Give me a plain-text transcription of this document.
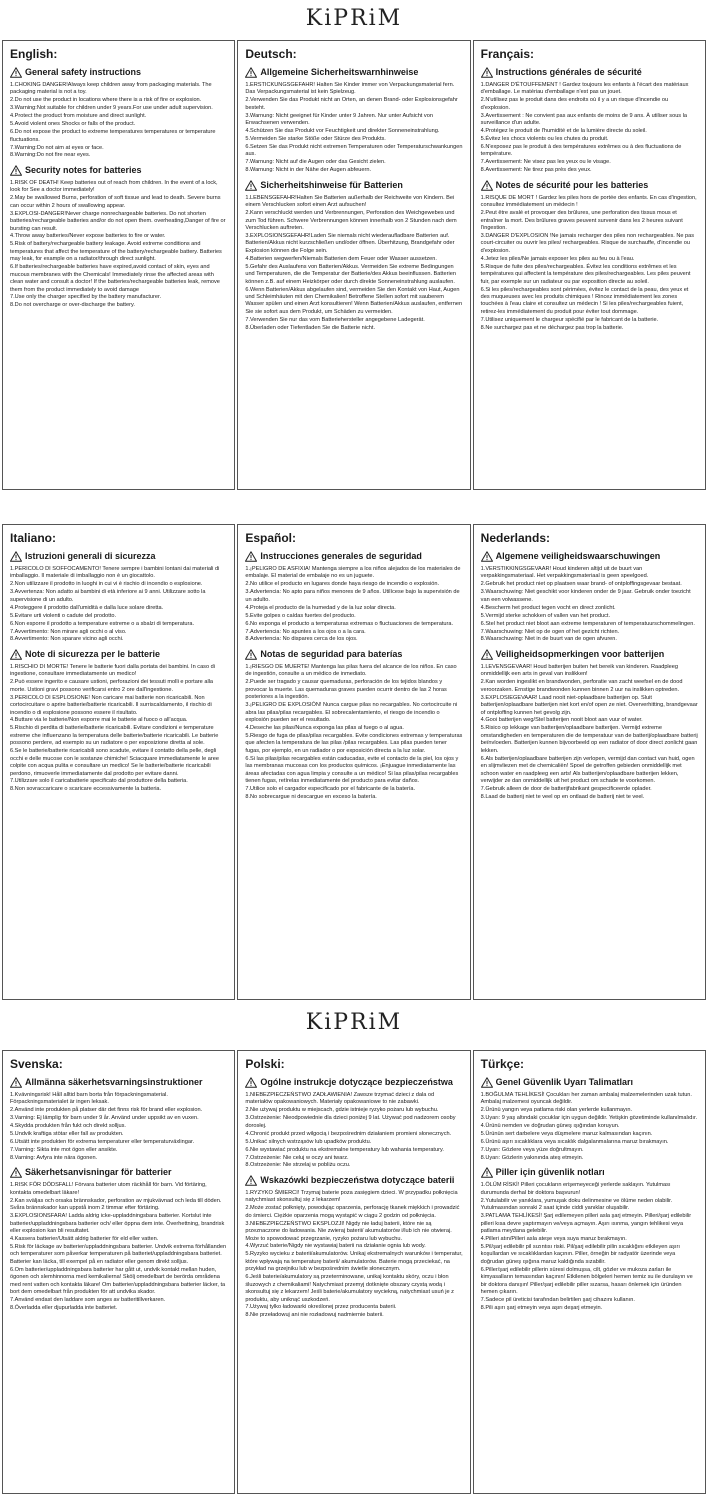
KiPRiM
English:
General safety instructions
1.CHOKING DANGER!Always keep children away from packaging materials. The packaging material is not a toy.
2.Do not use the product in locations where there is a risk of fire or explosion.
3.Warning:Not suitable for children under 9 years.For use under adult supervision.
4.Protect the product from moisture and direct sunlight.
5.Avoid violent ones Shocks or falls of the product.
6.Do not expose the product to extreme temperatures temperatures or temperature fluctuations.
7.Warning:Do not aim at eyes or face.
8.Warning:Do not fire near eyes.
Security notes for batteries
1.RISK OF DEATH! Keep batteries out of reach from children. In the event of a lock, look for See a doctor immediately!
2.May be swallowed Burns, perforation of soft tissue and lead to death. Severe burns can occur within 2 hours of swallowing appear.
3.EXPLOSI-DANGER!Never charge nonrechargeable batteries. Do not shorten batteries/rechargeable batteries and/or do not open them. overheating,Danger of fire or bursting can result.
4.Throw away batteries/Never expose batteries to fire or water.
5.Risk of battery/rechargeable battery leakage. Avoid extreme conditions and temperatures that affect the temperature of the battery/rechargeable battery. Batteries may leak, for example on a radiator/through direct sunlight.
6.If batteries/rechargeable batteries have expired,avoid contact of skin, eyes and mucous membranes with the Chemicals! Immediately rinse the affected areas with clean water and consult a doctor! If the batteries/rechargeable batteries leak, remove them from the product immediately to avoid damage
7.Use only the charger specified by the battery manufacturer.
8.Do not overcharge or over-discharge the battery.
Deutsch:
Allgemeine Sicherheitswarnhinweise
1.ERSTICKUNGSGEFAHR! Halten Sie Kinder immer von Verpackungsmaterial fern. Das Verpackungsmaterial ist kein Spielzeug.
2.Verwenden Sie das Produkt nicht an Orten, an denen Brand- oder Explosionsgefahr besteht.
3.Warnung: Nicht geeignet für Kinder unter 9 Jahren. Nur unter Aufsicht von Erwachsenen verwenden.
4.Schützen Sie das Produkt vor Feuchtigkeit und direkter Sonneneinstrahlung.
5.Vermeiden Sie starke Stöße oder Stürze des Produkts.
6.Setzen Sie das Produkt nicht extremen Temperaturen oder Temperaturschwankungen aus.
7.Warnung: Nicht auf die Augen oder das Gesicht zielen.
8.Warnung: Nicht in der Nähe der Augen abfeuern.
Sicherheitshinweise für Batterien
1.LEBENSGEFAHR!Halten Sie Batterien außerhalb der Reichweite von Kindern. Bei einem Verschlucken sofort einen Arzt aufsuchen!
2.Kann verschluckt werden und Verbrennungen, Perforation des Weichgewebes und zum Tod führen. Schwere Verbrennungen können innerhalb von 2 Stunden nach dem Verschlucken auftreten.
3.EXPLOSIONSGEFAHR!Laden Sie niemals nicht wiederaufladbare Batterien auf. Batterien/Akkus nicht kurzschließen und/oder öffnen. Überhitzung, Brandgefahr oder Explosion können die Folge sein.
4.Batterien wegwerfen/Niemals Batterien dem Feuer oder Wasser aussetzen.
5.Gefahr des Auslaufens von Batterien/Akkus. Vermeiden Sie extreme Bedingungen und Temperaturen, die die Temperatur der Batterie/des Akkus beeinflussen. Batterien können z.B. auf einem Heizkörper oder durch direkte Sonneneinstrahlung auslaufen.
6.Wenn Batterien/Akkus abgelaufen sind, vermeiden Sie den Kontakt von Haut, Augen und Schleimhäuten mit den Chemikalien! Betroffene Stellen sofort mit sauberem Wasser spülen und einen Arzt konsultieren! Wenn Batterien/Akkus auslaufen, entfernen Sie sie sofort aus dem Produkt, um Schäden zu vermeiden.
7.Verwenden Sie nur das vom Batteriehersteller angegebene Ladegerät.
8.Überladen oder Tiefentladen Sie die Batterie nicht.
Français:
Instructions générales de sécurité
1.DANGER D'ÉTOUFFEMENT ! Gardez toujours les enfants à l'écart des matériaux d'emballage. Le matériau d'emballage n'est pas un jouet.
2.N'utilisez pas le produit dans des endroits où il y a un risque d'incendie ou d'explosion.
3.Avertissement : Ne convient pas aux enfants de moins de 9 ans. À utiliser sous la surveillance d'un adulte.
4.Protégez le produit de l'humidité et de la lumière directe du soleil.
5.Évitez les chocs violents ou les chutes du produit.
6.N'exposez pas le produit à des températures extrêmes ou à des fluctuations de température.
7.Avertissement: Ne visez pas les yeux ou le visage.
8.Avertissement: Ne tirez pas près des yeux.
Notes de sécurité pour les batteries
1.RISQUE DE MORT ! Gardez les piles hors de portée des enfants. En cas d'ingestion, consultez immédiatement un médecin !
2.Peut être avalé et provoquer des brûlures, une perforation des tissus mous et entraîner la mort. Des brûlures graves peuvent survenir dans les 2 heures suivant l'ingestion.
3.DANGER D'EXPLOSION !Ne jamais recharger des piles non rechargeables. Ne pas court-circuiter ou ouvrir les piles/ rechargeables. Risque de surchauffe, d'incendie ou d'explosion.
4.Jetez les piles/Ne jamais exposer les piles au feu ou à l'eau.
5.Risque de fuite des piles/rechargeables. Évitez les conditions extrêmes et les températures qui affectent la température des piles/rechargeables. Les piles peuvent fuir, par exemple sur un radiateur ou par exposition directe au soleil.
6.Si les piles/rechargeables sont périmées, évitez le contact de la peau, des yeux et des muqueuses avec les produits chimiques ! Rincez immédiatement les zones touchées à l'eau claire et consultez un médecin ! Si les piles/rechargeables fuient, retirez-les immédiatement du produit pour éviter tout dommage.
7.Utilisez uniquement le chargeur spécifié par le fabricant de la batterie.
8.Ne surchargez pas et ne déchargez pas trop la batterie.
Italiano:
Istruzioni generali di sicurezza
1.PERICOLO DI SOFFOCAMENTO! Tenere sempre i bambini lontani dai materiali di imballaggio. Il materiale di imballaggio non è un giocattolo.
2.Non utilizzare il prodotto in luoghi in cui vi è rischio di incendio o esplosione.
3.Avvertenza: Non adatto ai bambini di età inferiore ai 9 anni. Utilizzare sotto la supervisione di un adulto.
4.Proteggere il prodotto dall'umidità e dalla luce solare diretta.
5.Evitare urti violenti o cadute del prodotto.
6.Non esporre il prodotto a temperature estreme o a sbalzi di temperatura.
7.Avvertimento: Non mirare agli occhi o al viso.
8.Avvertimento: Non sparare vicino agli occhi.
Note di sicurezza per le batterie
1.RISCHIO DI MORTE! Tenere le batterie fuori dalla portata dei bambini. In caso di ingestione, consultare immediatamente un medico!
2.Può essere ingerito e causare ustioni, perforazioni dei tessuti molli e portare alla morte. Ustioni gravi possono verificarsi entro 2 ore dall'ingestione.
3.PERICOLO DI ESPLOSIONE! Non caricare mai batterie non ricaricabili. Non cortocircuitare o aprire batterie/batterie ricaricabili. Il surriscaldamento, il rischio di incendio o di esplosione possono essere il risultato.
4.Buttare via le batterie/Non esporre mai le batterie al fuoco o all'acqua.
5.Rischio di perdita di batterie/batterie ricaricabili. Evitare condizioni e temperature estreme che influenzano la temperatura delle batterie/batterie ricaricabili. Le batterie possono perdere, ad esempio su un radiatore o per esposizione diretta al sole.
6.Se le batterie/batterie ricaricabili sono scadute, evitare il contatto della pelle, degli occhi e delle mucose con le sostanze chimiche! Sciacquare immediatamente le aree colpite con acqua pulita e consultare un medico! Se le batterie/batterie ricaricabili perdono, rimuoverle immediatamente dal prodotto per evitare danni.
7.Utilizzare solo il caricabatterie specificato dal produttore della batteria.
8.Non sovraccaricare o scaricare eccessivamente la batteria.
Español:
Instrucciones generales de seguridad
1.¡PELIGRO DE ASFIXIA! Mantenga siempre a los niños alejados de los materiales de embalaje. El material de embalaje no es un juguete.
2.No utilice el producto en lugares donde haya riesgo de incendio o explosión.
3.Advertencia: No apto para niños menores de 9 años. Utilícese bajo la supervisión de un adulto.
4.Proteja el producto de la humedad y de la luz solar directa.
5.Evite golpes o caídas fuertes del producto.
6.No exponga el producto a temperaturas extremas o fluctuaciones de temperatura.
7.Advertencia: No apuntes a los ojos o a la cara.
8.Advertencia: No dispares cerca de los ojos.
Notas de seguridad para baterías
1.¡RIESGO DE MUERTE! Mantenga las pilas fuera del alcance de los niños. En caso de ingestión, consulte a un médico de inmediato.
2.Puede ser tragado y causar quemaduras, perforación de los tejidos blandos y provocar la muerte. Las quemaduras graves pueden ocurrir dentro de las 2 horas posteriores a la ingestión.
3.¡PELIGRO DE EXPLOSIÓN! Nunca cargue pilas no recargables. No cortocircuite ni abra las pilas/pilas recargables. El sobrecalentamiento, el riesgo de incendio o explosión pueden ser el resultado.
4.Deseche las pilas/Nunca exponga las pilas al fuego o al agua.
5.Riesgo de fuga de pilas/pilas recargables. Evite condiciones extremas y temperaturas que afecten la temperatura de las pilas /pilas recargables. Las pilas pueden tener fugas, por ejemplo, en un radiador o por exposición directa a la luz solar.
6.Si las pilas/pilas recargables están caducadas, evite el contacto de la piel, los ojos y las membranas mucosas con los productos químicos. ¡Enjuague inmediatamente las áreas afectadas con agua limpia y consulte a un médico! Si las pilas/pilas recargables tienen fugas, retírelas inmediatamente del producto para evitar daños.
7.Utilice solo el cargador especificado por el fabricante de la batería.
8.No sobrecargue ni descargue en exceso la batería.
Nederlands:
Algemene veiligheidswaarschuwingen
1.VERSTIKKINGSGEVAAR! Houd kinderen altijd uit de buurt van verpakkingsmateriaal. Het verpakkingsmateriaal is geen speelgoed.
2.Gebruik het product niet op plaatsen waar brand- of ontploffingsgevaar bestaat.
3.Waarschuwing: Niet geschikt voor kinderen onder de 9 jaar. Gebruik onder toezicht van een volwassene.
4.Bescherm het product tegen vocht en direct zonlicht.
5.Vermijd sterke schokken of vallen van het product.
6.Stel het product niet bloot aan extreme temperaturen of temperatuurschommelingen.
7.Waarschuwing: Niet op de ogen of het gezicht richten.
8.Waarschuwing: Niet in de buurt van de ogen afvuren.
Veiligheidsopmerkingen voor batterijen
1.LEVENSGEVAAR! Houd batterijen buiten het bereik van kinderen. Raadpleeg onmiddellijk een arts in geval van inslikken!
2.Kan worden ingeslikt en brandwonden, perforatie van zacht weefsel en de dood veroorzaken. Ernstige brandwonden kunnen binnen 2 uur na inslikken optreden.
3.EXPLOSIEGEVAAR! Laad nooit niet-oplaadbare batterijen op. Sluit batterijen/oplaadbare batterijen niet kort en/of open ze niet. Oververhitting, brandgevaar of ontploffing kunnen het gevolg zijn.
4.Gooi batterijen weg/Stel batterijen nooit bloot aan vuur of water.
5.Risico op lekkage van batterijen/oplaadbare batterijen. Vermijd extreme omstandigheden en temperaturen die de temperatuur van de batterij/oplaadbare batterij beïnvloeden. Batterijen kunnen bijvoorbeeld op een radiator of door direct zonlicht gaan lekken.
6.Als batterijen/oplaadbare batterijen zijn verlopen, vermijd dan contact van huid, ogen en slijmvliezen met de chemicaliën! Spoel de getroffen gebieden onmiddellijk met schoon water en raadpleeg een arts! Als batterijen/oplaadbare batterijen lekken, verwijder ze dan onmiddellijk uit het product om schade te voorkomen.
7.Gebruik alleen de door de batterijfabrikant gespecificeerde oplader.
8.Laad de batterij niet te veel op en ontlaad de batterij niet te veel.
KiPRiM
Svenska:
Allmänna säkerhetsvarningsinstruktioner
1.Kvävningsrisk! Håll alltid barn borta från förpackningsmaterial. Förpackningsmaterialet är ingen leksak.
2.Använd inte produkten på platser där det finns risk för brand eller explosion.
3.Varning: Ej lämplig för barn under 9 år. Använd under uppsikt av en vuxen.
4.Skydda produkten från fukt och direkt solljus.
5.Undvik kraftiga stötar eller fall av produkten.
6.Utsätt inte produkten för extrema temperaturer eller temperaturväxlingar.
7.Varning: Sikta inte mot ögon eller ansikte.
8.Varning: Avfyra inte nära ögonen.
Säkerhetsanvisningar för batterier
1.RISK FÖR DÖDSFALL! Förvara batterier utom räckhåll för barn. Vid förtäring, kontakta omedelbart läkare!
2.Kan sväljas och orsaka brännskador, perforation av mjukvävnad och leda till döden. Svåra brännskador kan uppstå inom 2 timmar efter förtäring.
3.EXPLOSIONSFARA! Ladda aldrig icke-uppladdningsbara batterier. Kortslut inte batterier/uppladdningsbara batterier och/ eller öppna dem inte. Överhettning, brandrisk eller explosion kan bli resultatet.
4.Kassera batterier/Utsätt aldrig batterier för eld eller vatten.
5.Risk för läckage av batterier/uppladdningsbara batterier. Undvik extrema förhållanden och temperaturer som påverkar temperaturen på batteriet/uppladdningsbara batteriet. Batterier kan läcka, till exempel på en radiator eller genom direkt solljus.
6.Om batterier/uppladdningsbara batterier har gått ut, undvik kontakt mellan huden, ögonen och slemhinnorna med kemikalierna! Skölj omedelbart de berörda områdena med rent vatten och kontakta läkare! Om batterier/uppladdningsbara batterier läcker, ta bort dem omedelbart från produkten för att undvika skador.
7.Använd endast den laddare som anges av batteritillverkaren.
8.Överladda eller djupurladda inte batteriet.
Polski:
Ogólne instrukcje dotyczące bezpieczeństwa
1.NIEBEZPIECZEŃSTWO ZADŁAWIENIA! Zawsze trzymać dzieci z dala od materiałów opakowaniowych. Materiały opakowaniowe to nie zabawki.
2.Nie używaj produktu w miejscach, gdzie istnieje ryzyko pożaru lub wybuchu.
3.Ostrzeżenie: Nieodpowiednie dla dzieci poniżej 9 lat. Używać pod nadzorem osoby dorosłej.
4.Chronić produkt przed wilgocią i bezpośrednim działaniem promieni słonecznych.
5.Unikać silnych wstrząsów lub upadków produktu.
6.Nie wystawiać produktu na ekstremalne temperatury lub wahania temperatury.
7.Ostrzeżenie: Nie celuj w oczy ani twarz.
8.Ostrzeżenie: Nie strzelaj w pobliżu oczu.
Wskazówki bezpieczeństwa dotyczące baterii
1.RYZYKO ŚMIERCI! Trzymaj baterie poza zasięgiem dzieci. W przypadku połknięcia natychmiast skonsultuj się z lekarzem!
2.Może zostać połknięty, powodując oparzenia, perforację tkanek miękkich i prowadzić do śmierci. Ciężkie oparzenia mogą wystąpić w ciągu 2 godzin od połknięcia.
3.NIEBEZPIECZEŃSTWO EKSPLOZJI! Nigdy nie ładuj baterii, które nie są przeznaczone do ładowania. Nie zwieraj baterii/ akumulatorów i/lub ich nie otwieraj. Może to spowodować przegrzanie, ryzyko pożaru lub wybuchu.
4.Wyrzuć baterie/Nigdy nie wystawiaj baterii na działanie ognia lub wody.
5.Ryzyko wycieku z baterii/akumulatorów. Unikaj ekstremalnych warunków i temperatur, które wpływają na temperaturę baterii/ akumulatorów. Baterie mogą przeciekać, na przykład na grzejniku lub w bezpośrednim świetle słonecznym.
6.Jeśli baterie/akumulatory są przeterminowane, unikaj kontaktu skóry, oczu i błon śluzowych z chemikaliami! Natychmiast przemyj dotknięte obszary czystą wodą i skonsultuj się z lekarzem! Jeśli baterie/akumulatory wyciekną, natychmiast usuń je z produktu, aby uniknąć uszkodzeń.
7.Używaj tylko ładowarki określonej przez producenta baterii.
8.Nie przeładowuj ani nie rozładowuj nadmiernie baterii.
Türkçe:
Genel Güvenlik Uyarı Talimatları
1.BOĞULMA TEHLİKESİ! Çocukları her zaman ambalaj malzemelerinden uzak tutun. Ambalaj malzemesi oyuncak değildir.
2.Ürünü yangın veya patlama riski olan yerlerde kullanmayın.
3.Uyarı: 9 yaş altındaki çocuklar için uygun değildir. Yetişkin gözetiminde kullanılmalıdır.
4.Ürünü nemden ve doğrudan güneş ışığından koruyun.
5.Ürünün sert darbelere veya düşmelere maruz kalmasından kaçının.
6.Ürünü aşırı sıcaklıklara veya sıcaklık dalgalanmalarına maruz bırakmayın.
7.Uyarı: Gözlere veya yüze doğrultmayın.
8.Uyarı: Gözlerin yakınında ateş etmeyin.
Piller için güvenlik notları
1.ÖLÜM RİSKİ! Pilleri çocukların erişemeyeceği yerlerde saklayın. Yutulması durumunda derhal bir doktora başvurun!
2.Yutulabilir ve yanıklara, yumuşak doku delinmesine ve ölüme neden olabilir. Yutulmasından sonraki 2 saat içinde ciddi yanıklar oluşabilir.
3.PATLAMA TEHLİKESİ! Şarj edilemeyen pilleri asla şarj etmeyin. Pilleri/şarj edilebilir pilleri kısa devre yaptırmayın ve/veya açmayın. Aşırı ısınma, yangın tehlikesi veya patlama meydana gelebilir.
4.Pilleri atın/Pilleri asla ateşe veya suya maruz bırakmayın.
5.Pil/şarj edilebilir pil sızıntısı riski. Pil/şarj edilebilir pilin sıcaklığını etkileyen aşırı koşullardan ve sıcaklıklardan kaçının. Piller, örneğin bir radyatör üzerinde veya doğrudan güneş ışığına maruz kaldığında sızabilir.
6.Piller/şarj edilebilir pillerin süresi dolmuşsa, cilt, gözler ve mukoza zarları ile kimyasalların temasından kaçının! Etkilenen bölgeleri hemen temiz su ile durulayın ve bir doktora danışın! Piller/şarj edilebilir piller sızarsa, hasarı önlemek için üründen hemen çıkarın.
7.Sadece pil üreticisi tarafından belirtilen şarj cihazını kullanın.
8.Pili aşırı şarj etmeyin veya aşırı deşarj etmeyin.
